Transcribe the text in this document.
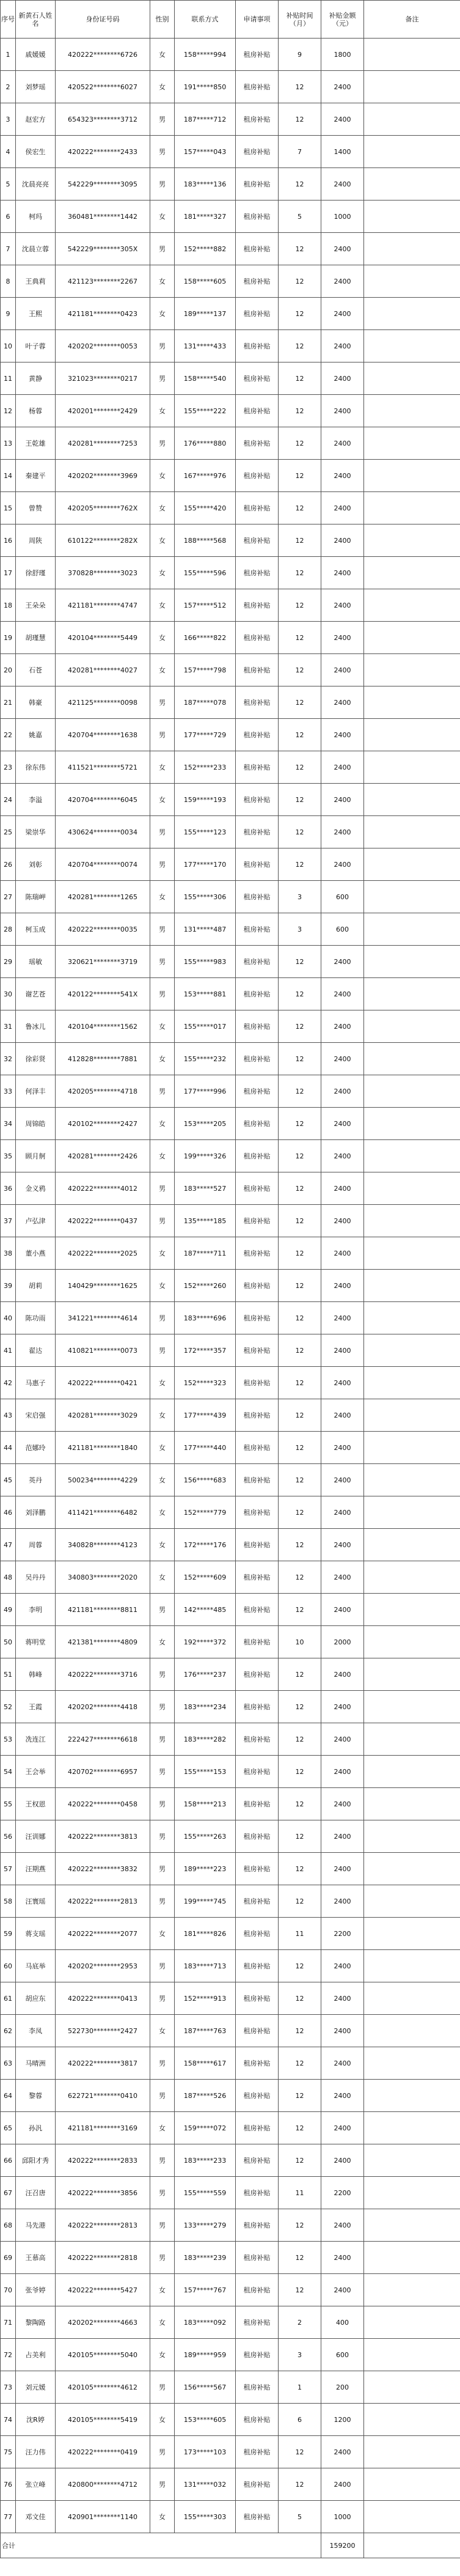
序号	新黄石人姓名	身份证号码	性别	联系方式	申请事项	补贴时间（月）	补贴金额（元）	备注
1	戚媛媛	420222********6726	女	158*****994	租房补贴	9	1800	
2	刘梦瑶	420522********6027	女	191*****850	租房补贴	12	2400	
3	赵宏方	654323********3712	男	187*****712	租房补贴	12	2400	
4	侯宏生	420222********2433	男	157*****043	租房补贴	7	1400	
5	沈晨亮亮	542229********3095	男	183*****136	租房补贴	12	2400	
6	柯玛	360481********1442	女	181*****327	租房补贴	5	1000	
7	沈晨立蓉	542229********305X	男	152*****882	租房补贴	12	2400	
8	王典莉	421123********2267	女	158*****605	租房补贴	12	2400	
9	王熙	421181********0423	女	189*****137	租房补贴	12	2400	
10	叶子蓉	420202********0053	男	131*****433	租房补贴	12	2400	
11	黄静	321023********0217	男	158*****540	租房补贴	12	2400	
12	杨蓉	420201********2429	女	155*****222	租房补贴	12	2400	
13	王乾雄	420281********7253	男	176*****880	租房补贴	12	2400	
14	秦建平	420202********3969	女	167*****976	租房补贴	12	2400	
15	曾赞	420205********762X	女	155*****420	租房补贴	12	2400	
16	周陕	610122********282X	女	188*****568	租房补贴	12	2400	
17	徐舒瑾	370828********3023	女	155*****596	租房补贴	12	2400	
18	王朵朵	421181********4747	女	157*****512	租房补贴	12	2400	
19	胡瑾慧	420104********5449	女	166*****822	租房补贴	12	2400	
20	石苍	420281********4027	女	157*****798	租房补贴	12	2400	
21	韩豪	421125********0098	男	187*****078	租房补贴	12	2400	
22	姚嘉	420704********1638	男	177*****729	租房补贴	12	2400	
23	徐东伟	411521********5721	女	152*****233	租房补贴	12	2400	
24	李溢	420704********6045	女	159*****193	租房补贴	12	2400	
25	梁崇华	430624********0034	男	155*****123	租房补贴	12	2400	
26	刘彰	420704********0074	男	177*****170	租房补贴	12	2400	
27	陈瑞岬	420281********1265	女	155*****306	租房补贴	3	600	
28	柯玉成	420222********0035	男	131*****487	租房补贴	3	600	
29	瑶敏	320621********3719	男	155*****983	租房补贴	12	2400	
30	谢艺苍	420122********541X	男	153*****881	租房补贴	12	2400	
31	鲁冰儿	420104********1562	女	155*****017	租房补贴	12	2400	
32	徐彩贤	412828********7881	女	155*****232	租房补贴	12	2400	
33	何泽丰	420205********4718	男	177*****996	租房补贴	12	2400	
34	周锦皓	420102********2427	女	153*****205	租房补贴	12	2400	
35	顾月舸	420281********2426	女	199*****326	租房补贴	12	2400	
36	金义鸦	420222********4012	男	183*****527	租房补贴	12	2400	
37	卢弘津	420222********0437	男	135*****185	租房补贴	12	2400	
38	董小燕	420222********2025	女	187*****711	租房补贴	12	2400	
39	胡莉	140429********1625	女	152*****260	租房补贴	12	2400	
40	陈功雨	341221********4614	男	183*****696	租房补贴	12	2400	
41	翟达	410821********0073	男	172*****357	租房补贴	12	2400	
42	马惠子	420222********0421	女	152*****323	租房补贴	12	2400	
43	宋启强	420281********3029	女	177*****439	租房补贴	12	2400	
44	范娜玲	421181********1840	女	177*****440	租房补贴	12	2400	
45	英丹	500234********4229	女	156*****683	租房补贴	12	2400	
46	刘泽鹏	411421********6482	女	152*****779	租房补贴	12	2400	
47	周蓉	340828********4123	女	172*****176	租房补贴	12	2400	
48	吴丹丹	340803********2020	女	152*****609	租房补贴	12	2400	
49	李明	421181********8811	男	142*****485	租房补贴	12	2400	
50	蒋明堂	421381********4809	女	192*****372	租房补贴	10	2000	
51	韩峰	420222********3716	男	176*****237	租房补贴	12	2400	
52	王霞	420202********4418	男	183*****234	租房补贴	12	2400	
53	冼连江	222427********6618	男	183*****282	租房补贴	12	2400	
54	王会举	420702********6957	男	155*****153	租房补贴	12	2400	
55	王权恩	420222********0458	男	158*****213	租房补贴	12	2400	
56	汪训娜	420222********3813	男	155*****263	租房补贴	12	2400	
57	汪期燕	420222********3832	男	189*****223	租房补贴	12	2400	
58	汪寰瑶	420222********2813	男	199*****745	租房补贴	12	2400	
59	蒋支瑶	420222********2077	女	181*****826	租房补贴	11	2200	
60	马底举	420202********2953	男	183*****713	租房补贴	12	2400	
61	胡应东	420222********0413	男	152*****913	租房补贴	12	2400	
62	李凤	522730********2427	女	187*****763	租房补贴	12	2400	
63	马晴洲	420222********3817	男	158*****617	租房补贴	12	2400	
64	黎蓉	622721********0410	男	187*****526	租房补贴	12	2400	
65	孙汎	421181********3169	女	159*****072	租房补贴	12	2400	
66	邱阳才秀	420222********2833	男	183*****233	租房补贴	12	2400	
67	汪召唐	420222********3856	男	155*****559	租房补贴	11	2200	
68	马先港	420222********2813	男	133*****279	租房补贴	12	2400	
69	王慕高	420222********2818	男	183*****239	租房补贴	12	2400	
70	张爷婷	420222********5427	女	157*****767	租房补贴	12	2400	
71	黎陶路	420202********4663	女	183*****092	租房补贴	2	400	
72	占美利	420105********5040	女	189*****959	租房补贴	3	600	
73	刘元媛	420105********4612	男	156*****567	租房补贴	1	200	
74	沈R婷	420105********5419	女	153*****605	租房补贴	6	1200	
75	汪力伟	420222********0419	男	173*****103	租房补贴	12	2400	
76	张立峰	420800********4712	男	131*****032	租房补贴	12	2400	
77	邓文佳	420901********1140	女	155*****303	租房补贴	5	1000	
合计							159200	
